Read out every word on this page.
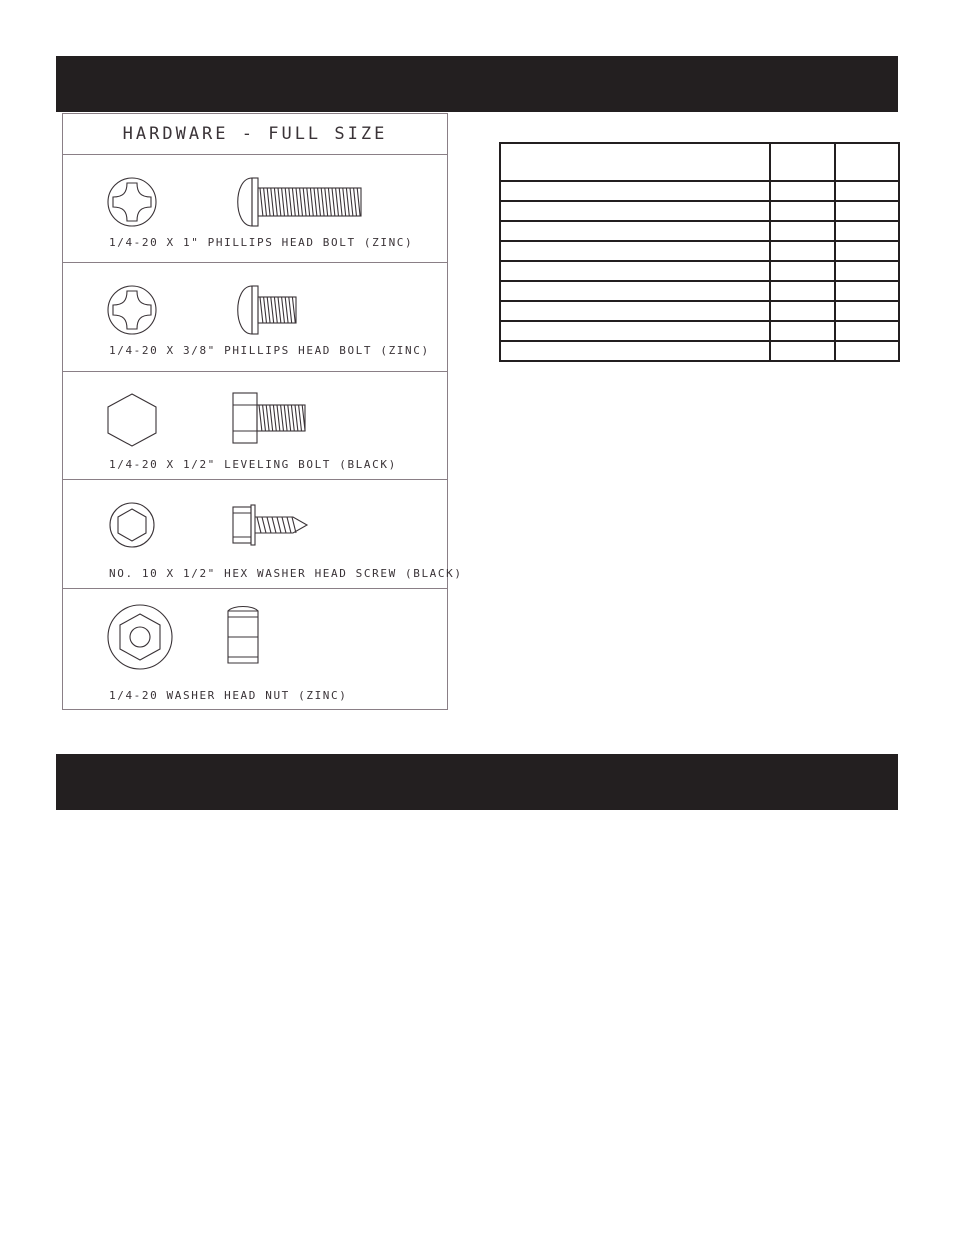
HARDWARE - FULL SIZE
1/4-20 X 1" PHILLIPS HEAD BOLT (ZINC)
1/4-20 X 3/8" PHILLIPS HEAD BOLT (ZINC)
1/4-20 X 1/2" LEVELING BOLT (BLACK)
NO. 10 X 1/2" HEX WASHER HEAD SCREW (BLACK)
1/4-20 WASHER HEAD NUT (ZINC)
